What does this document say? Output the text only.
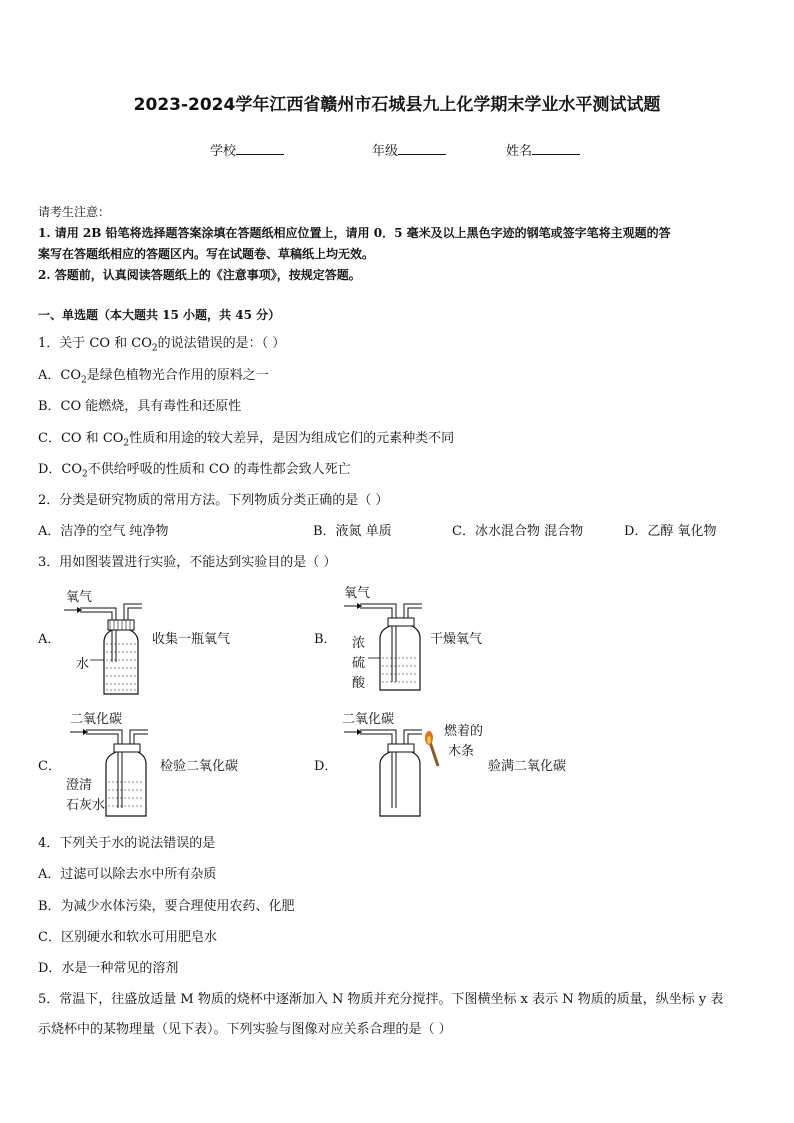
2023-2024学年江西省赣州市石城县九上化学期末学业水平测试试题
学校	年级	姓名
请考生注意：
1. 请用 2B 铅笔将选择题答案涂填在答题纸相应位置上，请用 0．5 毫米及以上黑色字迹的钢笔或签字笔将主观题的答
案写在答题纸相应的答题区内。写在试题卷、草稿纸上均无效。
2. 答题前，认真阅读答题纸上的《注意事项》，按规定答题。
一、单选题（本大题共 15 小题，共 45 分）
1．关于 CO 和 $CO_2$的说法错误的是：（ ）
A．$CO_2$是绿色植物光合作用的原料之一
B．CO 能燃烧，具有毒性和还原性
C．CO 和 $CO_2$性质和用途的较大差异，是因为组成它们的元素种类不同
D．$CO_2$不供给呼吸的性质和 CO 的毒性都会致人死亡
2．分类是研究物质的常用方法。下列物质分类正确的是（ ）
A．洁净的空气 纯净物	B．液氮 单质	C．冰水混合物 混合物	D．乙醇 氧化物
3．用如图装置进行实验，不能达到实验目的是（ ）
A．
氧气
水
收集一瓶氧气	B．
氧气
浓
硫
酸
干燥氧气
C．
二氧化碳
澄清
石灰水
检验二氧化碳	D．
二氧化碳
燃着的
木条
验满二氧化碳
4．下列关于水的说法错误的是
A．过滤可以除去水中所有杂质
B．为减少水体污染，要合理使用农药、化肥
C．区别硬水和软水可用肥皂水
D．水是一种常见的溶剂
5．常温下，往盛放适量 M 物质的烧杯中逐渐加入 N 物质并充分搅拌。下图横坐标 x 表示 N 物质的质量，纵坐标 y 表
示烧杯中的某物理量（见下表）。下列实验与图像对应关系合理的是（ ）
